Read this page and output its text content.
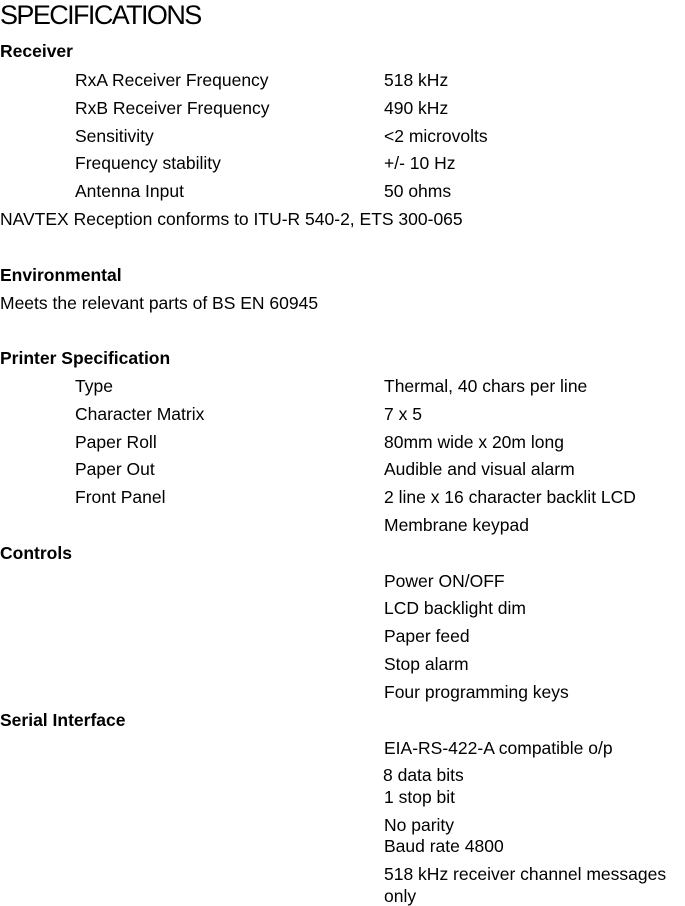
SPECIFICATIONS
Receiver
RxA Receiver Frequency	518 kHz
RxB Receiver Frequency	490 kHz
Sensitivity	<2 microvolts
Frequency stability	+/- 10 Hz
Antenna Input	50 ohms
NAVTEX Reception conforms to ITU-R 540-2, ETS 300-065
Environmental
Meets the relevant parts of BS EN 60945
Printer Specification
Type	Thermal, 40 chars per line
Character Matrix	7 x 5
Paper Roll	80mm wide x 20m long
Paper Out	Audible and visual alarm
Front Panel	2 line x 16 character backlit LCD
Membrane keypad
Controls
Power ON/OFF
LCD backlight dim
Paper feed
Stop alarm
Four programming keys
Serial Interface
EIA-RS-422-A compatible o/p
8 data bits
1 stop bit
No parity
Baud rate 4800
518 kHz receiver channel messages
only
